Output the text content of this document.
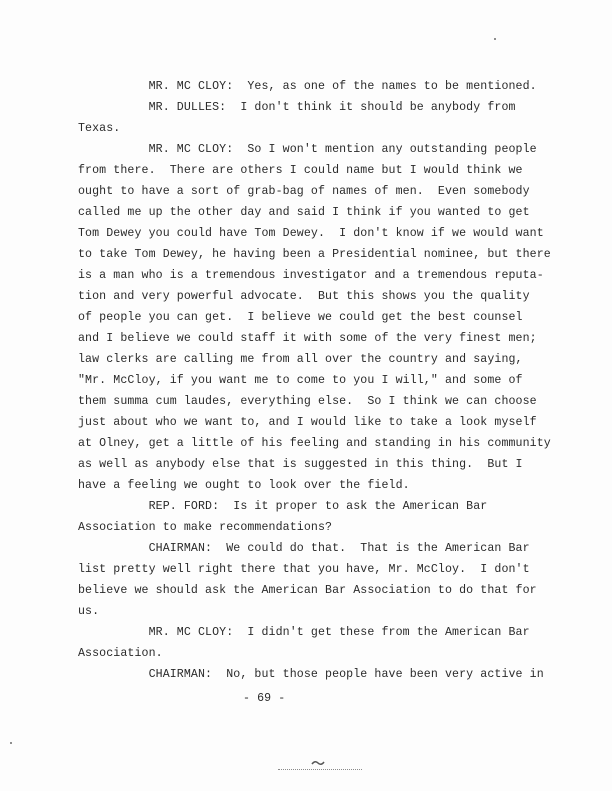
MR. MC CLOY:  Yes, as one of the names to be mentioned.
MR. DULLES:  I don't think it should be anybody from
Texas.
MR. MC CLOY:  So I won't mention any outstanding people
from there.  There are others I could name but I would think we
ought to have a sort of grab-bag of names of men.  Even somebody
called me up the other day and said I think if you wanted to get
Tom Dewey you could have Tom Dewey.  I don't know if we would want
to take Tom Dewey, he having been a Presidential nominee, but there
is a man who is a tremendous investigator and a tremendous reputa-
tion and very powerful advocate.  But this shows you the quality
of people you can get.  I believe we could get the best counsel
and I believe we could staff it with some of the very finest men;
law clerks are calling me from all over the country and saying,
"Mr. McCloy, if you want me to come to you I will," and some of
them summa cum laudes, everything else.  So I think we can choose
just about who we want to, and I would like to take a look myself
at Olney, get a little of his feeling and standing in his community
as well as anybody else that is suggested in this thing.  But I
have a feeling we ought to look over the field.
REP. FORD:  Is it proper to ask the American Bar
Association to make recommendations?
CHAIRMAN:  We could do that.  That is the American Bar
list pretty well right there that you have, Mr. McCloy.  I don't
believe we should ask the American Bar Association to do that for
us.
MR. MC CLOY:  I didn't get these from the American Bar
Association.
CHAIRMAN:  No, but those people have been very active in
- 69 -
